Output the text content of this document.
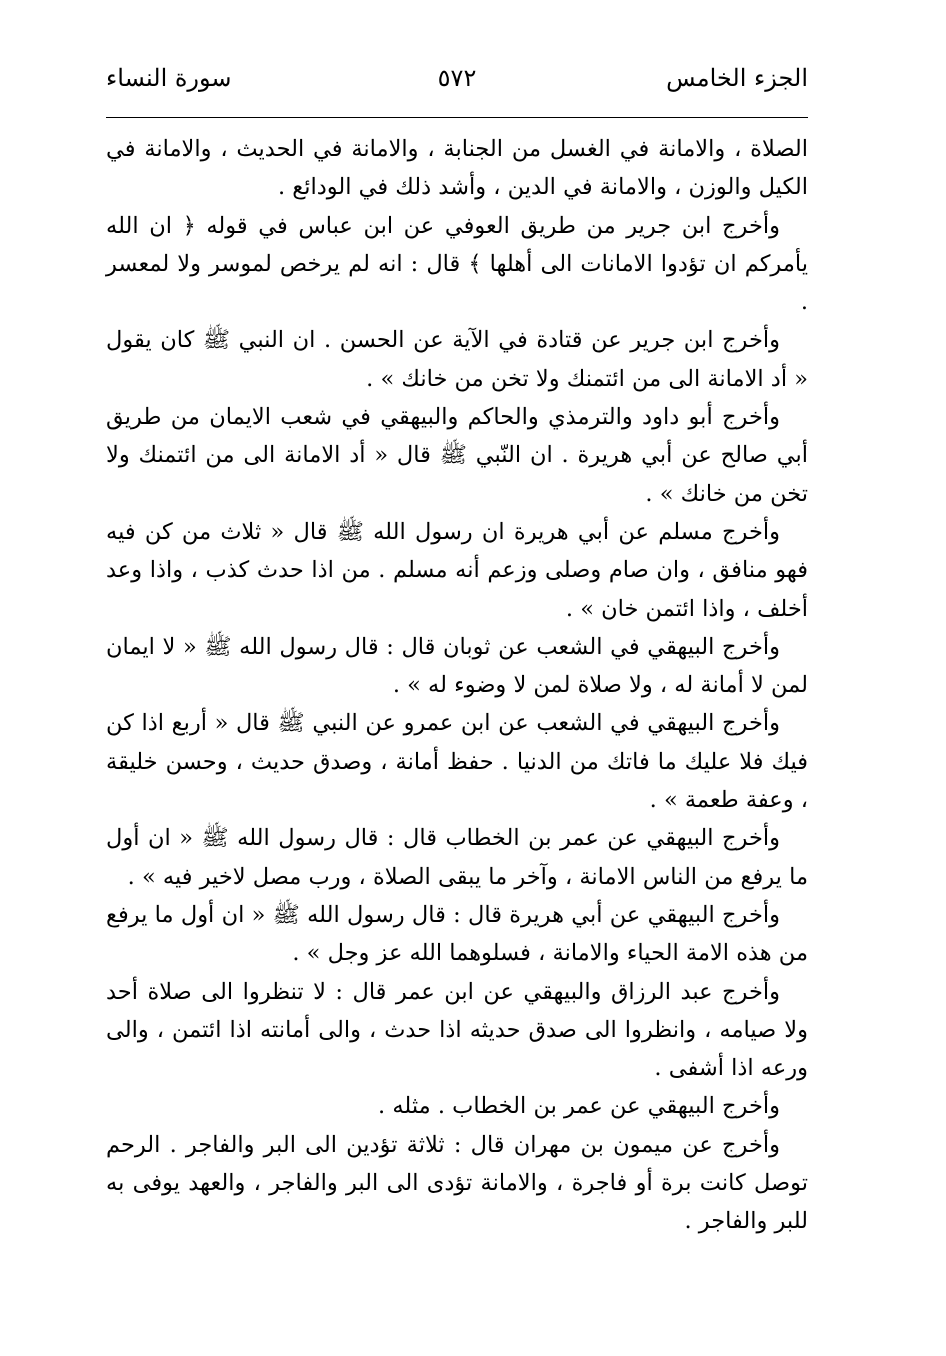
الجزء الخامس
٥٧٢
سورة النساء

الصلاة ، والامانة في الغسل من الجنابة ، والامانة في الحديث ، والامانة في الكيل والوزن ، والامانة في الدين ، وأشد ذلك في الودائع .

وأخرج ابن جرير من طريق العوفي عن ابن عباس في قوله ﴿ ان الله يأمركم ان تؤدوا الامانات الى أهلها ﴾ قال : انه لم يرخص لموسر ولا لمعسر .

وأخرج ابن جرير عن قتادة في الآية عن الحسن . ان النبي ﷺ كان يقول « أد الامانة الى من ائتمنك ولا تخن من خانك » .

وأخرج أبو داود والترمذي والحاكم والبيهقي في شعب الايمان من طريق أبي صالح عن أبي هريرة . ان النّبي ﷺ قال « أد الامانة الى من ائتمنك ولا تخن من خانك » .

وأخرج مسلم عن أبي هريرة ان رسول الله ﷺ قال « ثلاث من كن فيه فهو منافق ، وان صام وصلى وزعم أنه مسلم . من اذا حدث كذب ، واذا وعد أخلف ، واذا ائتمن خان » .

وأخرج البيهقي في الشعب عن ثوبان قال : قال رسول الله ﷺ « لا ايمان لمن لا أمانة له ، ولا صلاة لمن لا وضوء له » .

وأخرج البيهقي في الشعب عن ابن عمرو عن النبي ﷺ قال « أربع اذا كن فيك فلا عليك ما فاتك من الدنيا . حفظ أمانة ، وصدق حديث ، وحسن خليقة ، وعفة طعمة » .

وأخرج البيهقي عن عمر بن الخطاب قال : قال رسول الله ﷺ « ان أول ما يرفع من الناس الامانة ، وآخر ما يبقى الصلاة ، ورب مصل لاخير فيه » .

وأخرج البيهقي عن أبي هريرة قال : قال رسول الله ﷺ « ان أول ما يرفع من هذه الامة الحياء والامانة ، فسلوهما الله عز وجل » .

وأخرج عبد الرزاق والبيهقي عن ابن عمر قال : لا تنظروا الى صلاة أحد ولا صيامه ، وانظروا الى صدق حديثه اذا حدث ، والى أمانته اذا ائتمن ، والى ورعه اذا أشفى .

وأخرج البيهقي عن عمر بن الخطاب . مثله .

وأخرج عن ميمون بن مهران قال : ثلاثة تؤدين الى البر والفاجر . الرحم توصل كانت برة أو فاجرة ، والامانة تؤدى الى البر والفاجر ، والعهد يوفى به للبر والفاجر .
